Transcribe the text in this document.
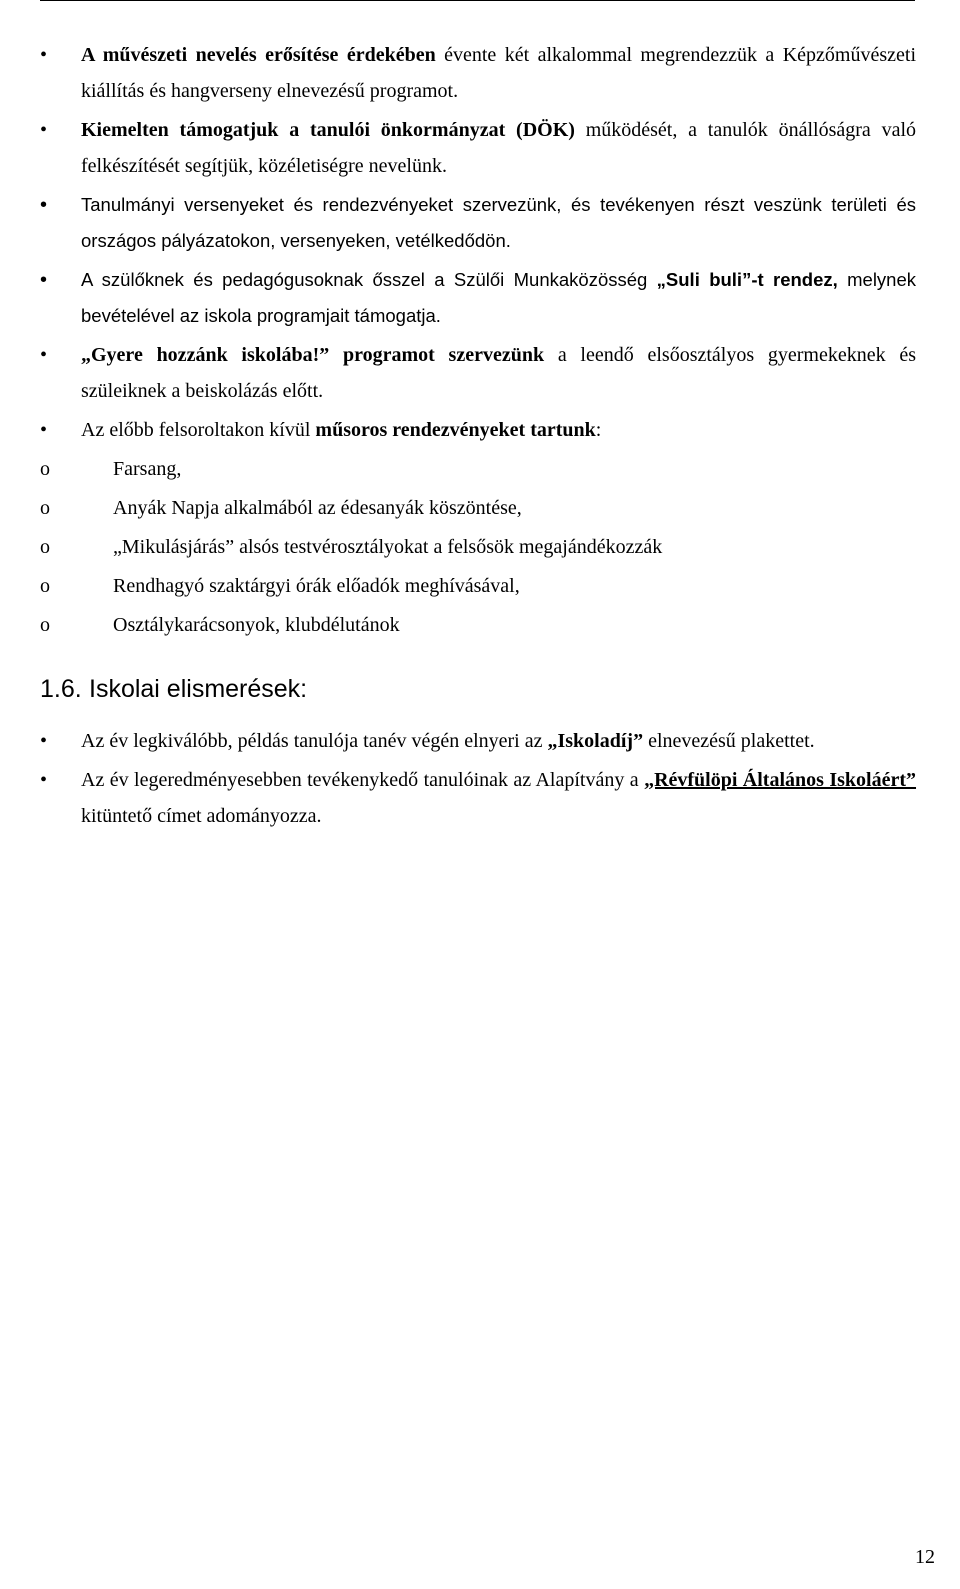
• A művészeti nevelés erősítése érdekében évente két alkalommal megrendezzük a Képzőművészeti kiállítás és hangverseny elnevezésű programot.
• Kiemelten támogatjuk a tanulói önkormányzat (DÖK) működését, a tanulók önállóságra való felkészítését segítjük, közéletiségre nevelünk.
• Tanulmányi versenyeket és rendezvényeket szervezünk, és tevékenyen részt veszünk területi és országos pályázatokon, versenyeken, vetélkedődön.
• A szülőknek és pedagógusoknak ősszel a Szülői Munkaközösség „Suli buli”-t rendez, melynek bevételével az iskola programjait támogatja.
• „Gyere hozzánk iskolába!” programot szervezünk a leendő elsőosztályos gyermekeknek és szüleiknek a beiskolázás előtt.
• Az előbb felsoroltakon kívül műsoros rendezvényeket tartunk:
o	Farsang,
o	Anyák Napja alkalmából az édesanyák köszöntése,
o	„Mikulásjárás” alsós testvérosztályokat a felsősök megajándékozzák
o	Rendhagyó szaktárgyi órák előadók meghívásával,
o	Osztálykarácsonyok, klubdélutánok
1.6. Iskolai elismerések:
• Az év legkiválóbb, példás tanulója tanév végén elnyeri az „Iskoladíj” elnevezésű plakettet.
• Az év legeredményesebben tevékenykedő tanulóinak az Alapítvány a „Révfülöpi Általános Iskoláért” kitüntető címet adományozza.
12
